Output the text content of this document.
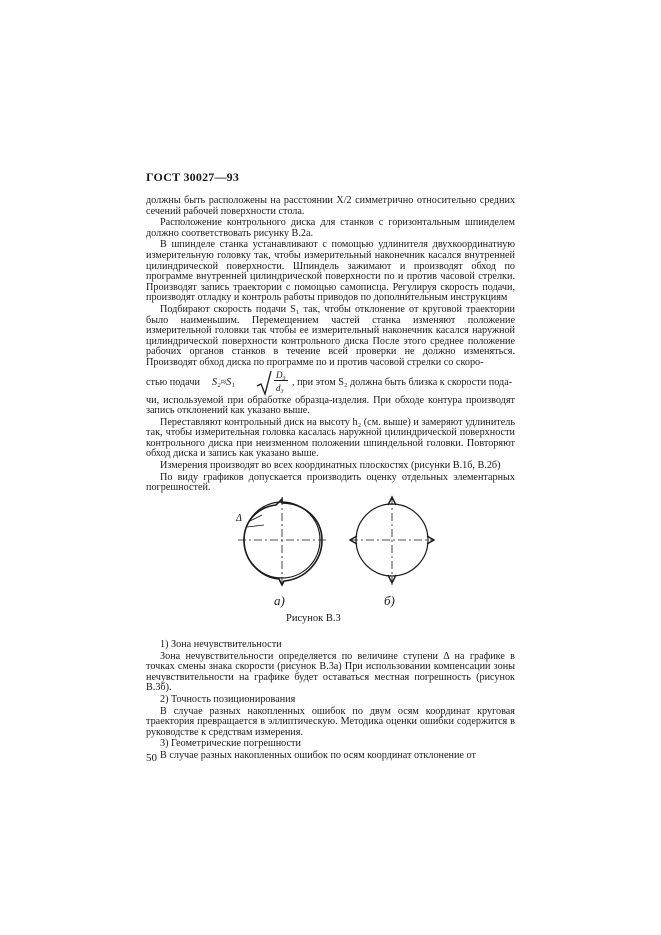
ГОСТ 30027—93

должны быть расположены на расстоянии X/2 симметрично относительно средних сечений рабочей поверхности стола.

Расположение контрольного диска для станков с горизонтальным шпинделем должно соответствовать рисунку В.2а.

В шпинделе станка устанавливают с помощью удлинителя двухкоординатную измерительную головку так, чтобы измерительный наконечник касался внутренней цилиндрической поверхности. Шпиндель зажимают и производят обход по программе внутренней цилиндрической поверхности по и против часовой стрелки. Производят запись траектории с помощью самописца. Регулируя скорость подачи, производят отладку и контроль работы приводов по дополнительным инструкциям

Подбирают скорость подачи S₁ так, чтобы отклонение от круговой траектории было наименьшим. Перемещением частей станка изменяют положение измерительной головки так чтобы ее измерительный наконечник касался наружной цилиндрической поверхности контрольного диска После этого среднее положение рабочих органов станков в течение всей проверки не должно изменяться. Производят обход диска по программе по и против часовой стрелки со скоро-

стью подачи S₂≈S₁
D₃
d₃ , при этом S₂ должна быть близка к скорости пода-

чи, используемой при обработке образца-изделия. При обходе контура производят запись отклонений как указано выше.

Переставляют контрольный диск на высоту h₂ (см. выше) и замеряют удлинитель так, чтобы измерительная головка касалась наружной цилиндрической поверхности контрольного диска при неизменном положении шпиндельной головки. Повторяют обход диска и запись как указано выше.

Измерения производят во всех координатных плоскостях (рисунки В.1б, В.2б)

По виду графиков допускается производить оценку отдельных элементарных погрешностей.

Δ
а)	б)
Рисунок В.3

1) Зона нечувствительности

Зона нечувствительности определяется по величине ступени Δ на графике в точках смены знака скорости (рисунок В.3а) При использовании компенсации зоны нечувствительности на графике будет оставаться местная погрешность (рисунок В.3б).

2) Точность позиционирования

В случае разных накопленных ошибок по двум осям координат круговая траектория превращается в эллиптическую. Методика оценки ошибки содержится в руководстве к средствам измерения.

3) Геометрические погрешности

В случае разных накопленных ошибок по осям координат отклонение от

50
